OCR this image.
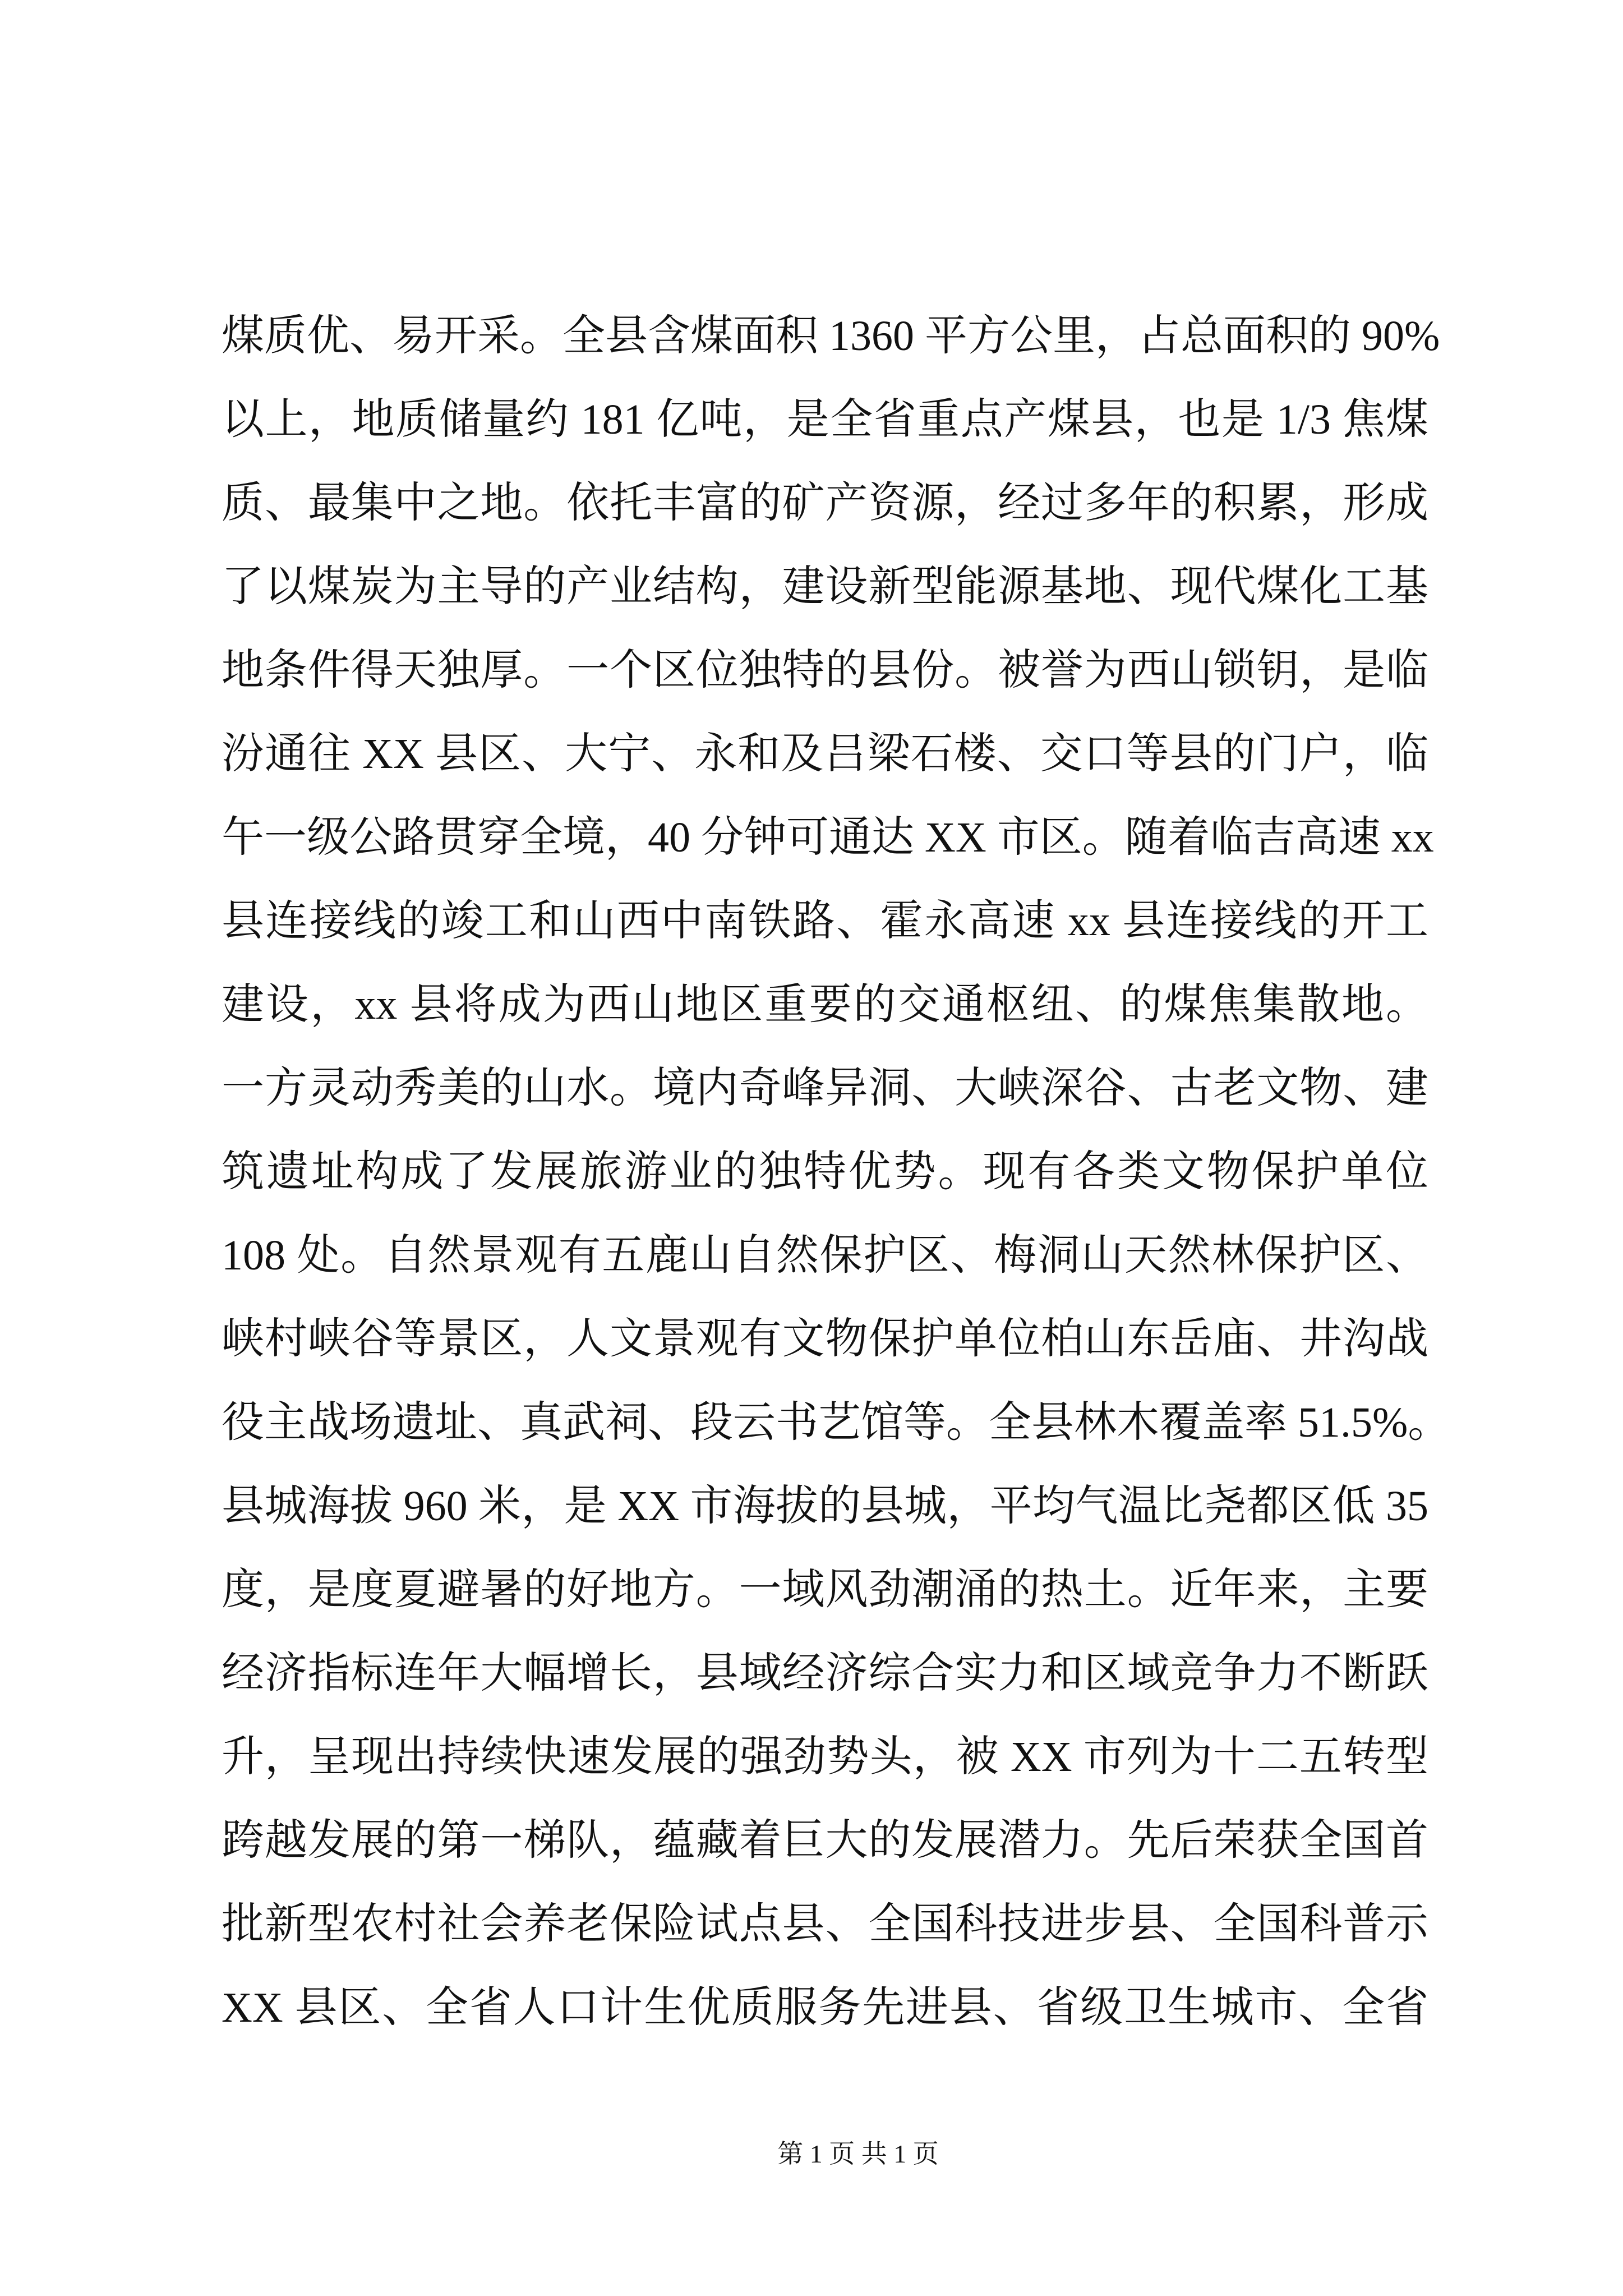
煤质优、易开采。全县含煤面积 1360 平方公里，占总面积的 90%
以上，地质储量约 181 亿吨，是全省重点产煤县，也是 1/3 焦煤
质、最集中之地。依托丰富的矿产资源，经过多年的积累，形成
了以煤炭为主导的产业结构，建设新型能源基地、现代煤化工基
地条件得天独厚。一个区位独特的县份。被誉为西山锁钥，是临
汾通往 XX 县区、大宁、永和及吕梁石楼、交口等县的门户，临
午一级公路贯穿全境，40 分钟可通达 XX 市区。随着临吉高速 xx
县连接线的竣工和山西中南铁路、霍永高速 xx 县连接线的开工
建设，xx 县将成为西山地区重要的交通枢纽、的煤焦集散地。
一方灵动秀美的山水。境内奇峰异洞、大峡深谷、古老文物、建
筑遗址构成了发展旅游业的独特优势。现有各类文物保护单位
108 处。自然景观有五鹿山自然保护区、梅洞山天然林保护区、
峡村峡谷等景区，人文景观有文物保护单位柏山东岳庙、井沟战
役主战场遗址、真武祠、段云书艺馆等。全县林木覆盖率 51.5%。
县城海拔 960 米，是 XX 市海拔的县城，平均气温比尧都区低 35
度，是度夏避暑的好地方。一域风劲潮涌的热土。近年来，主要
经济指标连年大幅增长，县域经济综合实力和区域竞争力不断跃
升，呈现出持续快速发展的强劲势头，被 XX 市列为十二五转型
跨越发展的第一梯队，蕴藏着巨大的发展潜力。先后荣获全国首
批新型农村社会养老保险试点县、全国科技进步县、全国科普示
XX 县区、全省人口计生优质服务先进县、省级卫生城市、全省
第 1 页 共 1 页
